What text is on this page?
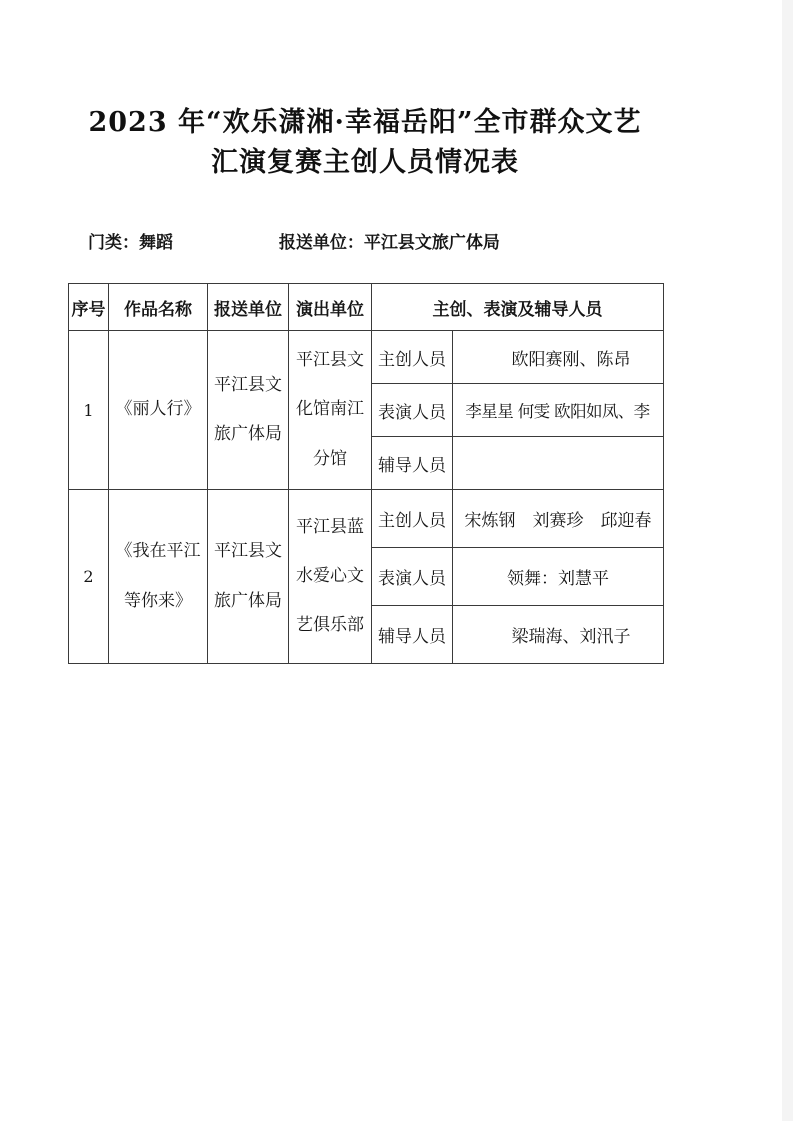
2023 年“欢乐潇湘·幸福岳阳”全市群众文艺
汇演复赛主创人员情况表
门类：舞蹈	报送单位：平江县文旅广体局
序号	作品名称	报送单位	演出单位	主创、表演及辅导人员	
1	《丽人行》	平江县文旅广体局	平江县文化馆南江分馆	主创人员	欧阳赛刚、陈昂
				表演人员	李星星 何雯 欧阳如凤、李
				辅导人员	
2	《我在平江等你来》	平江县文旅广体局	平江县蓝水爱心文艺俱乐部	主创人员	宋炼钢　刘赛珍　邱迎春
				表演人员	领舞：刘慧平
				辅导人员	梁瑞海、刘汛子
